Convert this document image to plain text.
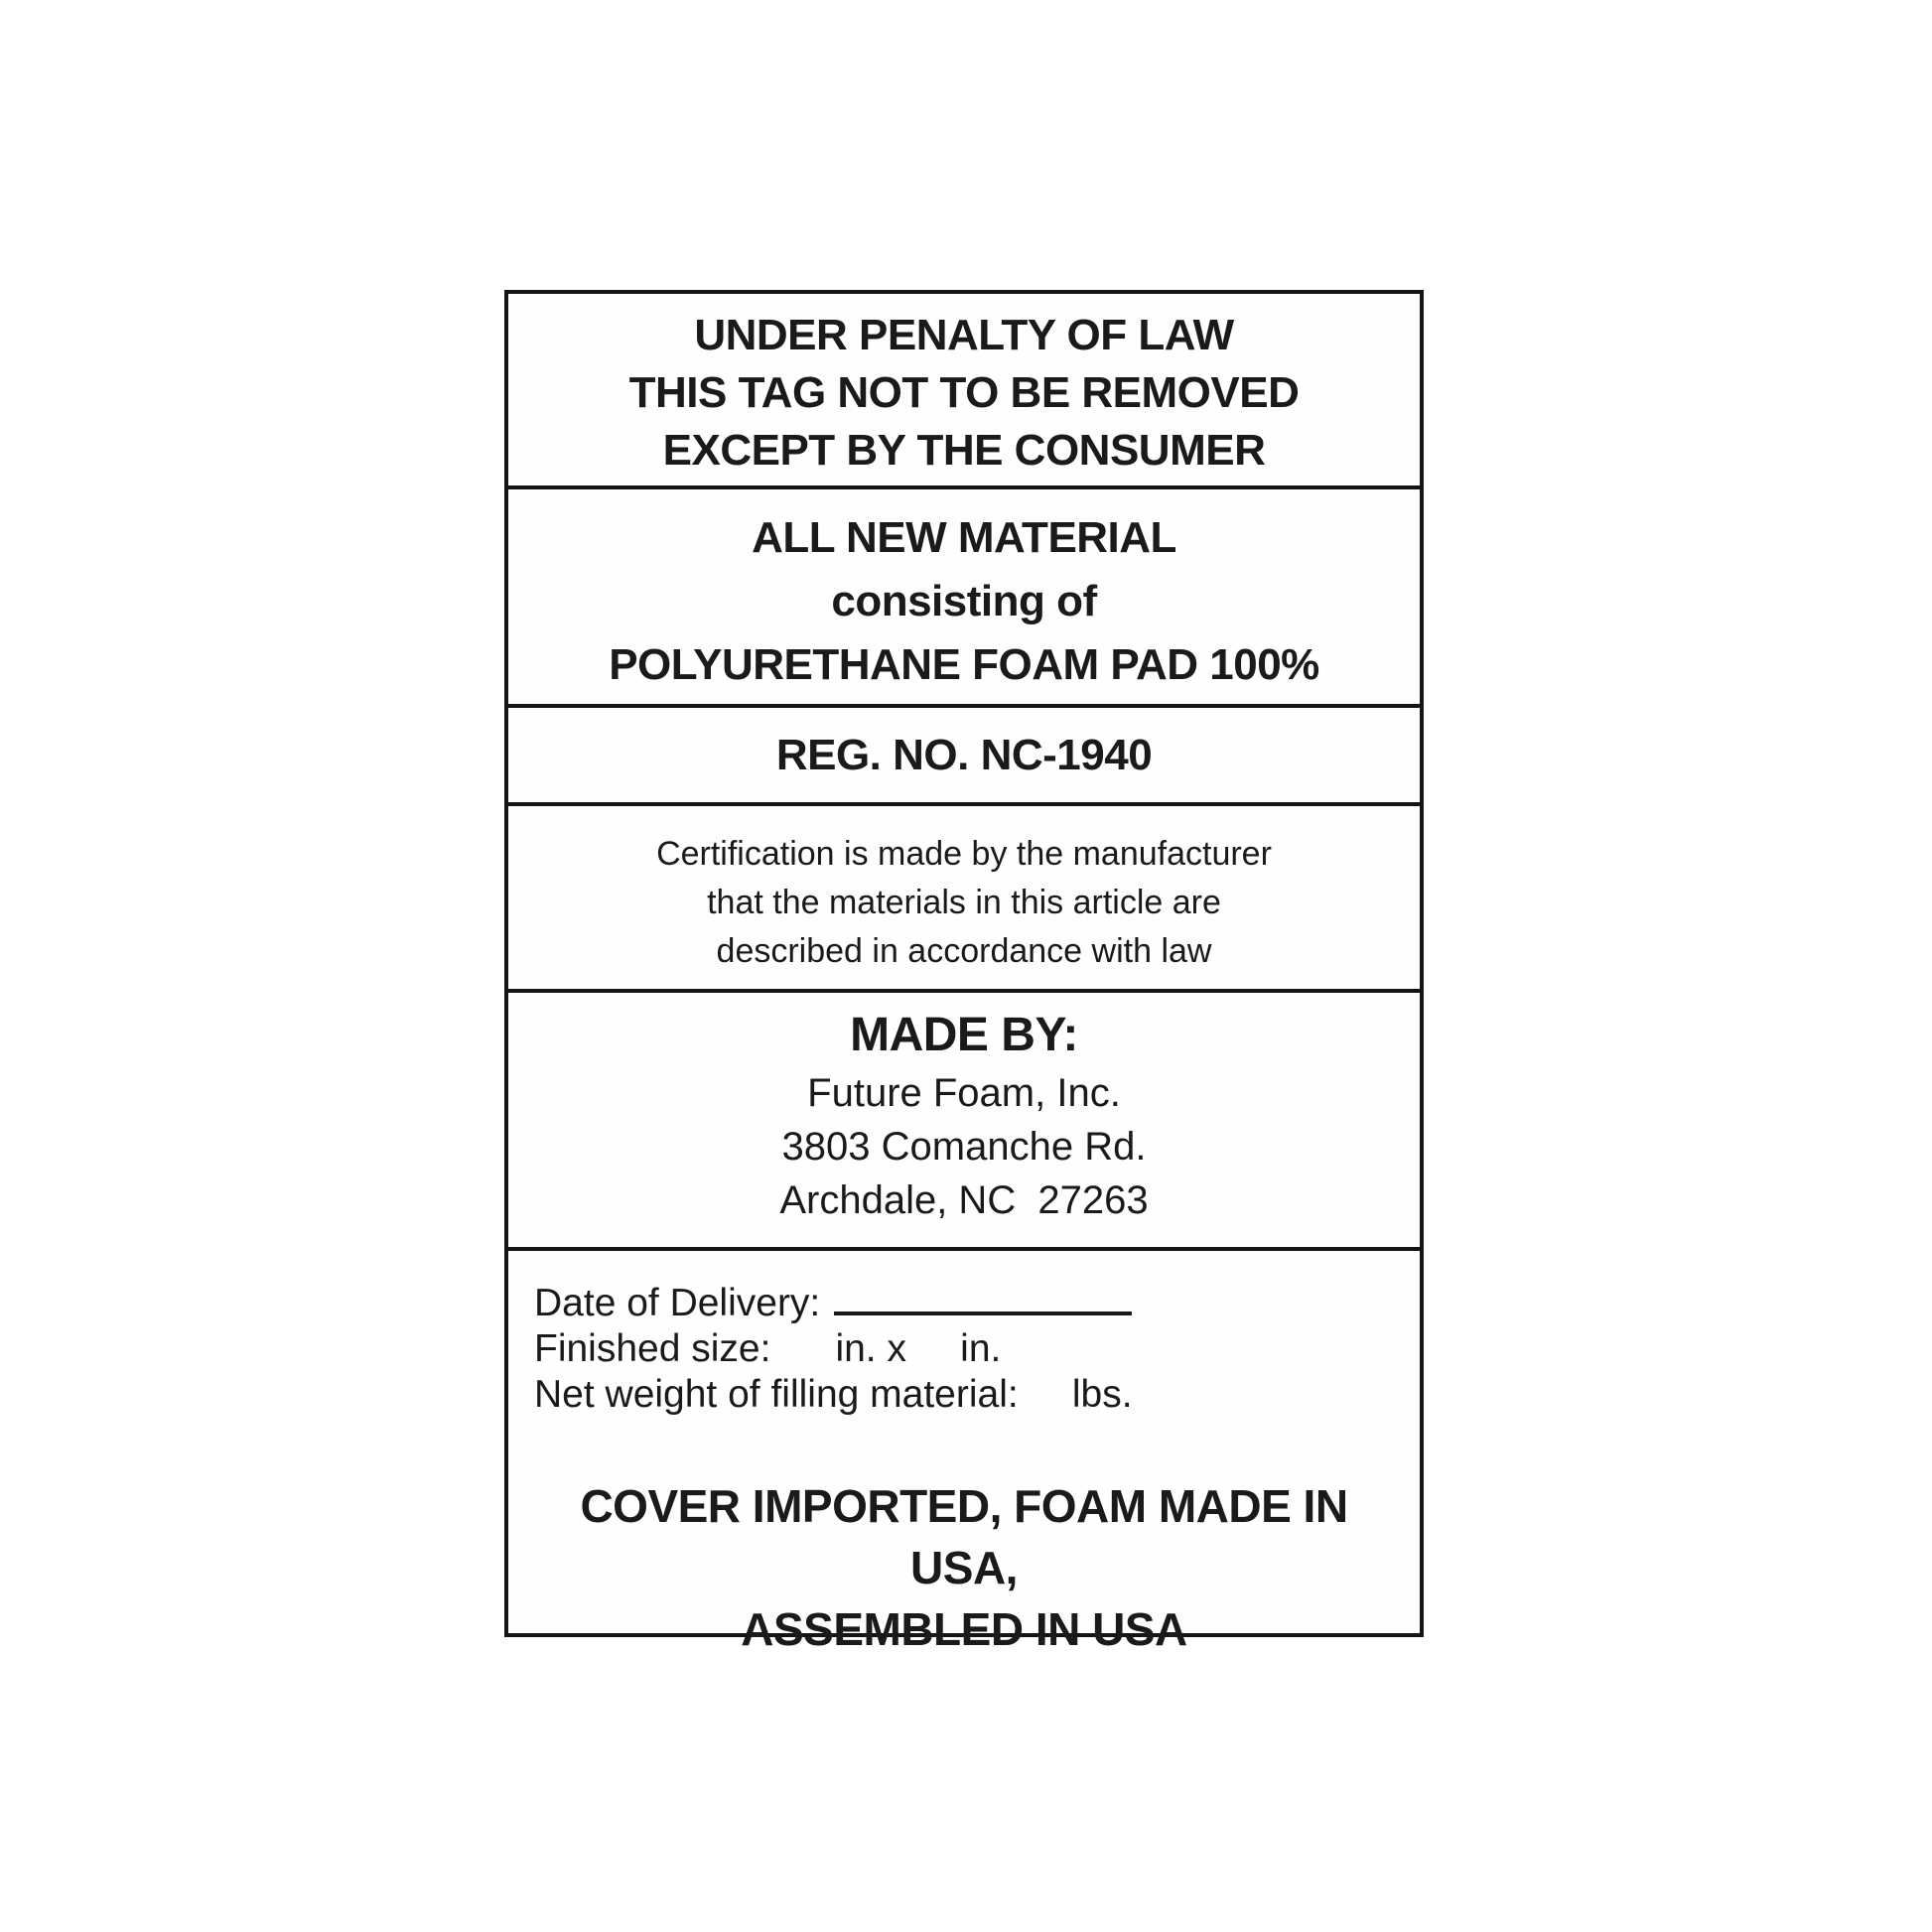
UNDER PENALTY OF LAW
THIS TAG NOT TO BE REMOVED
EXCEPT BY THE CONSUMER
ALL NEW MATERIAL
consisting of
POLYURETHANE FOAM PAD 100%
REG. NO. NC-1940
Certification is made by the manufacturer
that the materials in this article are
described in accordance with law
MADE BY:
Future Foam, Inc.
3803 Comanche Rd.
Archdale, NC  27263
Date of Delivery:
Finished size:      in. x     in.
Net weight of filling material:     lbs.
COVER IMPORTED, FOAM MADE IN USA,
ASSEMBLED IN USA
